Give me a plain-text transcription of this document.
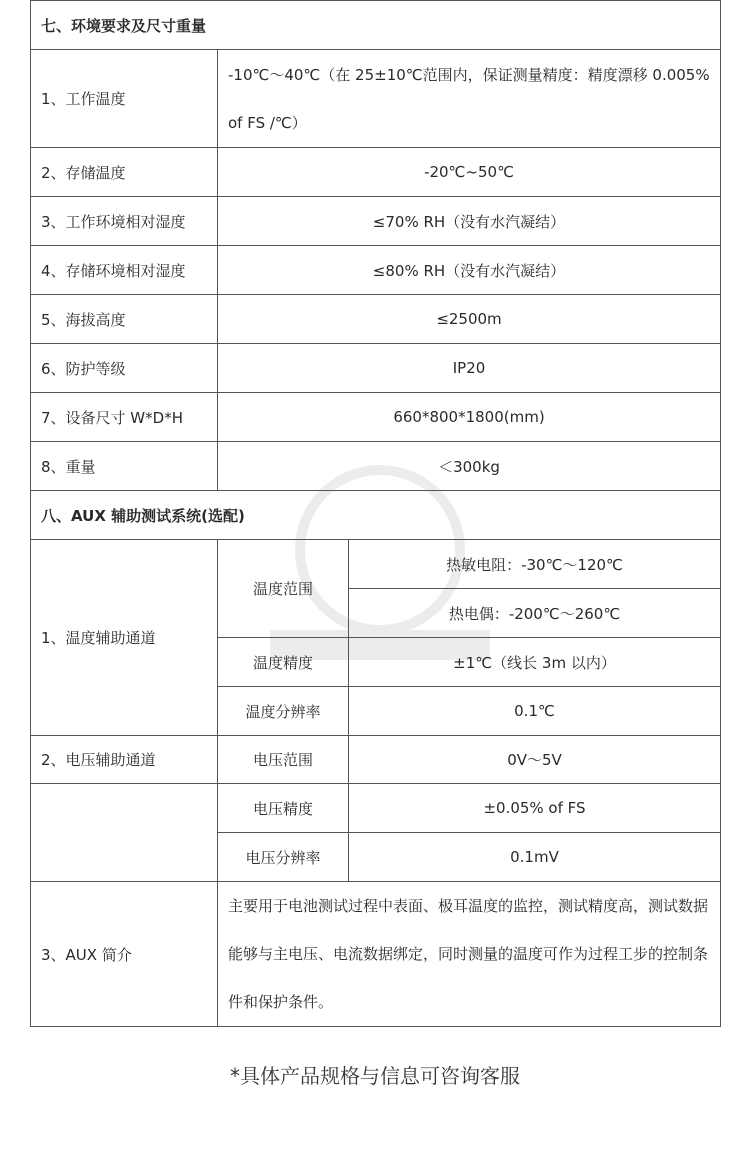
七、环境要求及尺寸重量		
1、工作温度	-10℃～40℃（在 25±10℃范围内，保证测量精度：精度漂移 0.005% of FS /℃）	
2、存储温度	-20℃~50℃	
3、工作环境相对湿度	≤70% RH（没有水汽凝结）	
4、存储环境相对湿度	≤80% RH（没有水汽凝结）	
5、海拔高度	≤2500m	
6、防护等级	IP20	
7、设备尺寸 W*D*H	660*800*1800(mm)	
8、重量	＜300kg	
八、AUX 辅助测试系统(选配)		
1、温度辅助通道	温度范围	热敏电阻：-30℃～120℃
		热电偶：-200℃～260℃
	温度精度	±1℃（线长 3m 以内）
	温度分辨率	0.1℃
2、电压辅助通道	电压范围	0V～5V
	电压精度	±0.05% of FS
	电压分辨率	0.1mV
3、AUX 简介	主要用于电池测试过程中表面、极耳温度的监控，测试精度高，测试数据能够与主电压、电流数据绑定，同时测量的温度可作为过程工步的控制条件和保护条件。	
*具体产品规格与信息可咨询客服
